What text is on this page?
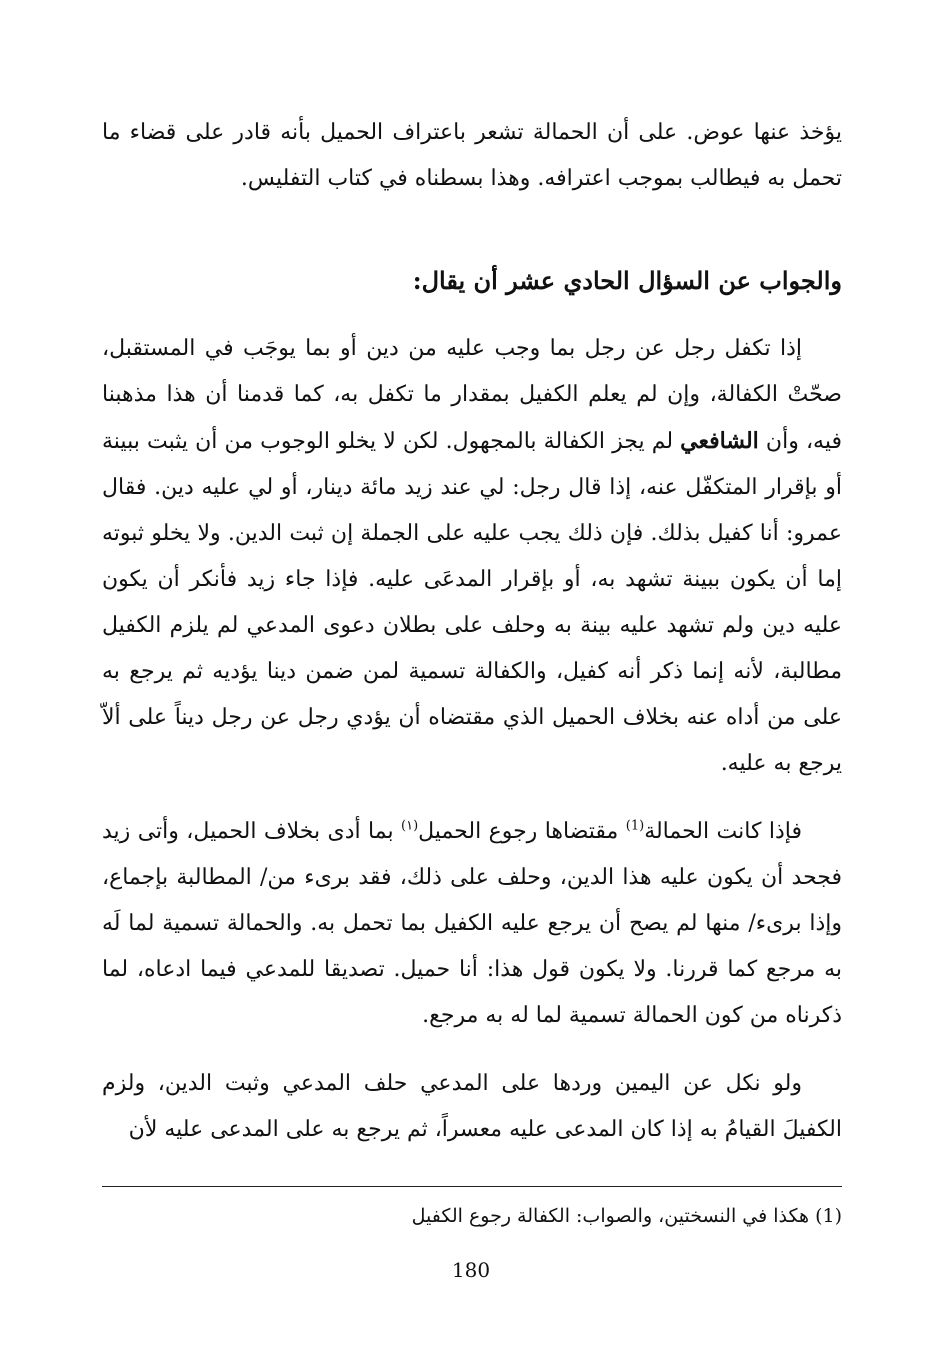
يؤخذ عنها عوض. على أن الحمالة تشعر باعتراف الحميل بأنه قادر على قضاء ما تحمل به فيطالب بموجب اعترافه. وهذا بسطناه في كتاب التفليس.

والجواب عن السؤال الحادي عشر أن يقال:

إذا تكفل رجل عن رجل بما وجب عليه من دين أو بما يوجَب في المستقبل، صحّتْ الكفالة، وإن لم يعلم الكفيل بمقدار ما تكفل به، كما قدمنا أن هذا مذهبنا فيه، وأن الشافعي لم يجز الكفالة بالمجهول. لكن لا يخلو الوجوب من أن يثبت ببينة أو بإقرار المتكفّل عنه، إذا قال رجل: لي عند زيد مائة دينار، أو لي عليه دين. فقال عمرو: أنا كفيل بذلك. فإن ذلك يجب عليه على الجملة إن ثبت الدين. ولا يخلو ثبوته إما أن يكون ببينة تشهد به، أو بإقرار المدعَى عليه. فإذا جاء زيد فأنكر أن يكون عليه دين ولم تشهد عليه بينة به وحلف على بطلان دعوى المدعي لم يلزم الكفيل مطالبة، لأنه إنما ذكر أنه كفيل، والكفالة تسمية لمن ضمن دينا يؤديه ثم يرجع به على من أداه عنه بخلاف الحميل الذي مقتضاه أن يؤدي رجل عن رجل ديناً على ألاّ يرجع به عليه.

فإذا كانت الحمالة$^{(1)}$ مقتضاها رجوع الحميل$^{(١)}$ بما أدى بخلاف الحميل، وأتى زيد فجحد أن يكون عليه هذا الدين، وحلف على ذلك، فقد برىء من/ المطالبة بإجماع، وإذا برىء/ منها لم يصح أن يرجع عليه الكفيل بما تحمل به. والحمالة تسمية لما لَه به مرجع كما قررنا. ولا يكون قول هذا: أنا حميل. تصديقا للمدعي فيما ادعاه، لما ذكرناه من كون الحمالة تسمية لما له به مرجع.

ولو نكل عن اليمين وردها على المدعي حلف المدعي وثبت الدين، ولزم الكفيلَ القيامُ به إذا كان المدعى عليه معسراً، ثم يرجع به على المدعى عليه لأن

(1) هكذا في النسختين، والصواب: الكفالة رجوع الكفيل
180
